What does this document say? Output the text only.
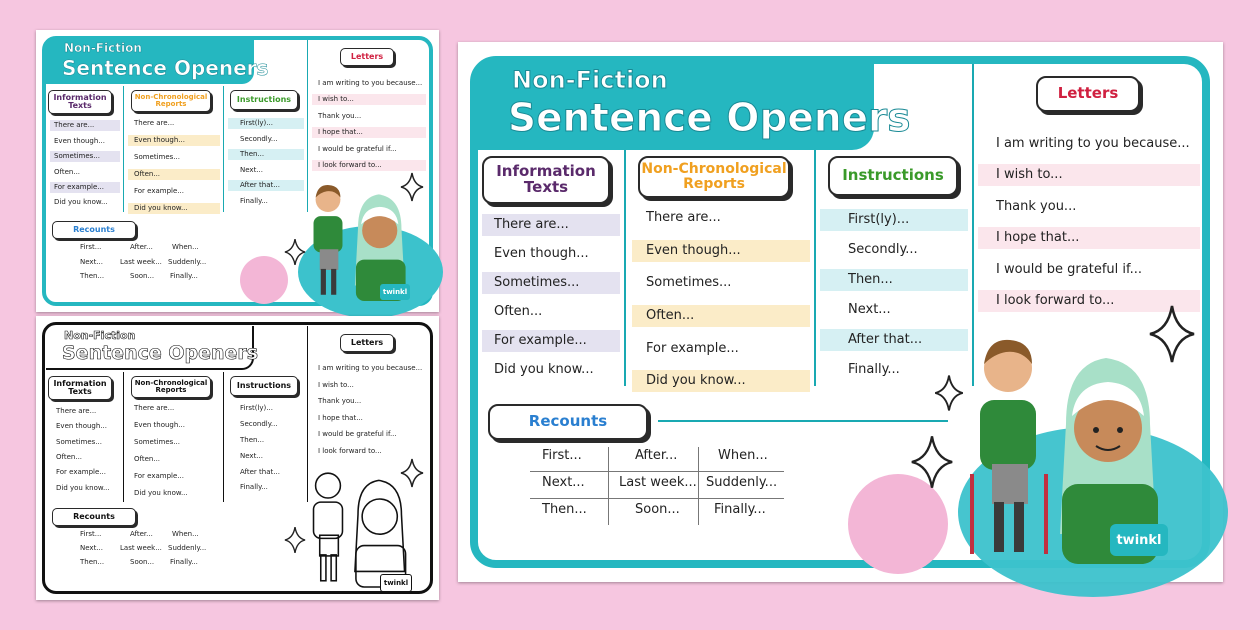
Non-Fiction
Sentence Openers
Information Texts
Non-Chronological Reports	Instructions
Letters
Recounts
There are...
Even though...
Sometimes...
Often...
For example...
Did you know...
There are...
Even though...
Sometimes...
Often...
For example...
Did you know...
First(ly)...
Secondly...
Then...
Next...
After that...
Finally...
I am writing to you because...
I wish to...
Thank you...
I hope that...
I would be grateful if...
I look forward to...
First...	After...	When...
Next...	Last week... Suddenly...
Then...	Soon...	Finally...
twinkl
Non-Fiction
Sentence Openers
Information Texts
Non-Chronological Reports
Instructions
Letters
Recounts
There are...
Even though...
Sometimes...
Often...
For example...
Did you know...
There are...
Even though...
Sometimes...
Often...
For example...
Did you know...
First(ly)...
Secondly...
Then...
Next...
After that...
Finally...
I am writing to you because...
I wish to...
Thank you...
I hope that...
I would be grateful if...
I look forward to...
First...	After...	When...
Next... Last week... Suddenly...
Then...	Soon... Finally...
twinkl
Non-Fiction
Sentence Openers
Information Texts
Non-Chronological Reports
Instructions
Letters
Recounts
There are...
Even though...
Sometimes...
Often...
For example...
Did you know...
There are...
Even though...
Sometimes...
Often...
For example...
Did you know...
First(ly)...
Secondly...
Then...
Next...
After that...
Finally...
I am writing to you because...
I wish to...
Thank you...
I hope that...
I would be grateful if...
I look forward to...
First...	After...	When...
Next... Last week... Suddenly...
Then...	Soon... Finally...
twinkl
